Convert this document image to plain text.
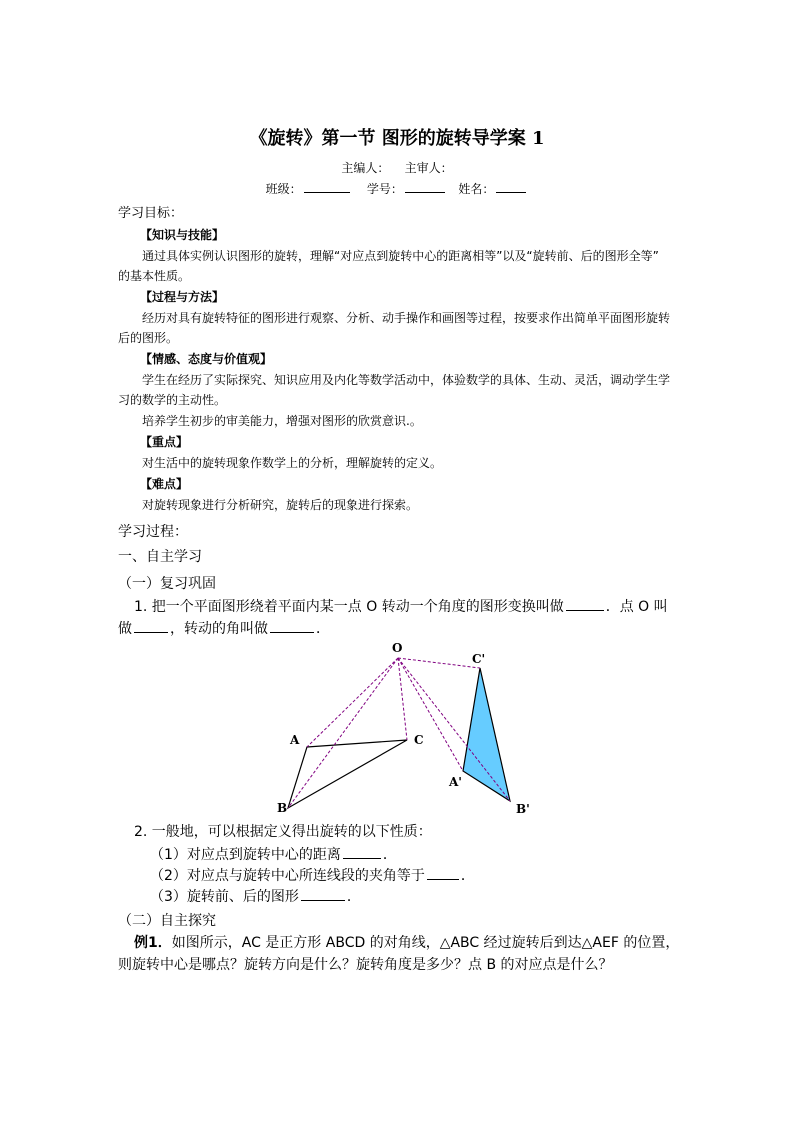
《旋转》第一节 图形的旋转导学案 1
主编人： 主审人：
班级：	学号：	姓名：
学习目标：
【知识与技能】
通过具体实例认识图形的旋转，理解“对应点到旋转中心的距离相等”以及“旋转前、后的图形全等”
的基本性质。
【过程与方法】
经历对具有旋转特征的图形进行观察、分析、动手操作和画图等过程，按要求作出简单平面图形旋转
后的图形。
【情感、态度与价值观】
学生在经历了实际探究、知识应用及内化等数学活动中，体验数学的具体、生动、灵活，调动学生学
习的数学的主动性。
培养学生初步的审美能力，增强对图形的欣赏意识.。
【重点】
对生活中的旋转现象作数学上的分析，理解旋转的定义。
【难点】
对旋转现象进行分析研究，旋转后的现象进行探索。
学习过程：
一、自主学习
（一）复习巩固
1. 把一个平面图形绕着平面内某一点 O 转动一个角度的图形变换叫做	．点 O 叫
做	，转动的角叫做	．
O
A
B
C
A'
B'
C'
2. 一般地，可以根据定义得出旋转的以下性质：
（1）对应点到旋转中心的距离	．
（2）对应点与旋转中心所连线段的夹角等于	．
（3）旋转前、后的图形	．
（二）自主探究
例1．如图所示，AC 是正方形 ABCD 的对角线，△ABC 经过旋转后到达△AEF 的位置，
则旋转中心是哪点？旋转方向是什么？旋转角度是多少？点 B 的对应点是什么？
